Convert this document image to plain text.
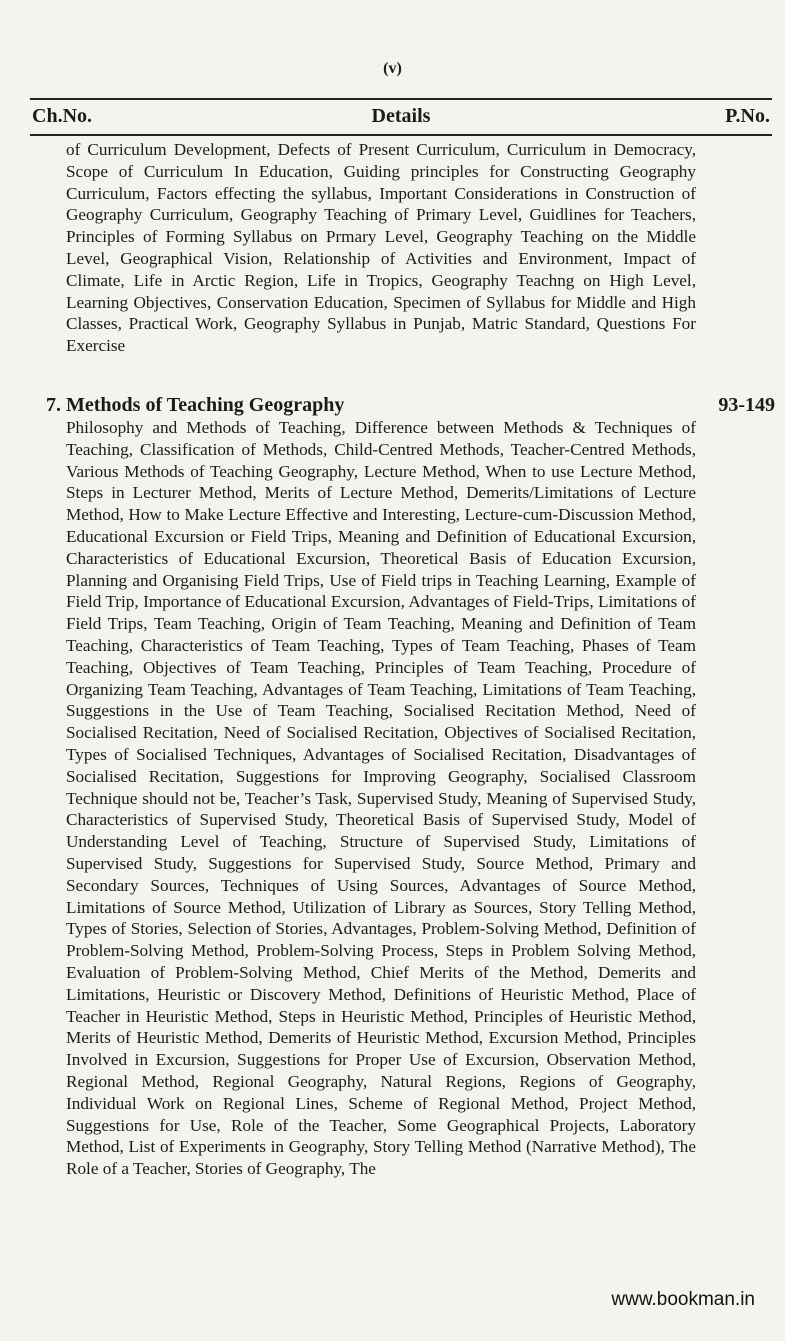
(v)
Details
Ch.No.	P.No.
of Curriculum Development, Defects of Present Curriculum, Curriculum in Democracy, Scope of Curriculum In Education, Guiding principles for Constructing Geography Curriculum, Factors effecting the syllabus, Important Considerations in Construction of Geography Curriculum, Geography Teaching of Primary Level, Guidlines for Teachers, Principles of Forming Syllabus on Prmary Level, Geography Teaching on the Middle Level, Geographical Vision, Relationship of Activities and Environment, Impact of Climate, Life in Arctic Region, Life in Tropics, Geography Teachng on High Level, Learning Objectives, Conservation Education, Specimen of Syllabus for Middle and High Classes, Practical Work, Geography Syllabus in Punjab, Matric Standard, Questions For Exercise
7. Methods of Teaching Geography	93-149
Philosophy and Methods of Teaching, Difference between Methods & Techniques of Teaching, Classification of Methods, Child-Centred Methods, Teacher-Centred Methods, Various Methods of Teaching Geography, Lecture Method, When to use Lecture Method, Steps in Lecturer Method, Merits of Lecture Method, Demerits/Limitations of Lecture Method, How to Make Lecture Effective and Interesting, Lecture-cum-Discussion Method, Educational Excursion or Field Trips, Meaning and Definition of Educational Excursion, Characteristics of Educational Excursion, Theoretical Basis of Education Excursion, Planning and Organising Field Trips, Use of Field trips in Teaching Learning, Example of Field Trip, Importance of Educational Excursion, Advantages of Field-Trips, Limitations of Field Trips, Team Teaching, Origin of Team Teaching, Meaning and Definition of Team Teaching, Characteristics of Team Teaching, Types of Team Teaching, Phases of Team Teaching, Objectives of Team Teaching, Principles of Team Teaching, Procedure of Organizing Team Teaching, Advantages of Team Teaching, Limitations of Team Teaching, Suggestions in the Use of Team Teaching, Socialised Recitation Method, Need of Socialised Recitation, Need of Socialised Recitation, Objectives of Socialised Recitation, Types of Socialised Techniques, Advantages of Socialised Recitation, Disadvantages of Socialised Recitation, Suggestions for Improving Geography, Socialised Classroom Technique should not be, Teacher’s Task, Supervised Study, Meaning of Supervised Study, Characteristics of Supervised Study, Theoretical Basis of Supervised Study, Model of Understanding Level of Teaching, Structure of Supervised Study, Limitations of Supervised Study, Suggestions for Supervised Study, Source Method, Primary and Secondary Sources, Techniques of Using Sources, Advantages of Source Method, Limitations of Source Method, Utilization of Library as Sources, Story Telling Method, Types of Stories, Selection of Stories, Advantages, Problem-Solving Method, Definition of Problem-Solving Method, Problem-Solving Process, Steps in Problem Solving Method, Evaluation of Problem-Solving Method, Chief Merits of the Method, Demerits and Limitations, Heuristic or Discovery Method, Definitions of Heuristic Method, Place of Teacher in Heuristic Method, Steps in Heuristic Method, Principles of Heuristic Method, Merits of Heuristic Method, Demerits of Heuristic Method, Excursion Method, Principles Involved in Excursion, Suggestions for Proper Use of Excursion, Observation Method, Regional Method, Regional Geography, Natural Regions, Regions of Geography, Individual Work on Regional Lines, Scheme of Regional Method, Project Method, Suggestions for Use, Role of the Teacher, Some Geographical Projects, Laboratory Method, List of Experiments in Geography, Story Telling Method (Narrative Method), The Role of a Teacher, Stories of Geography, The
www.bookman.in
